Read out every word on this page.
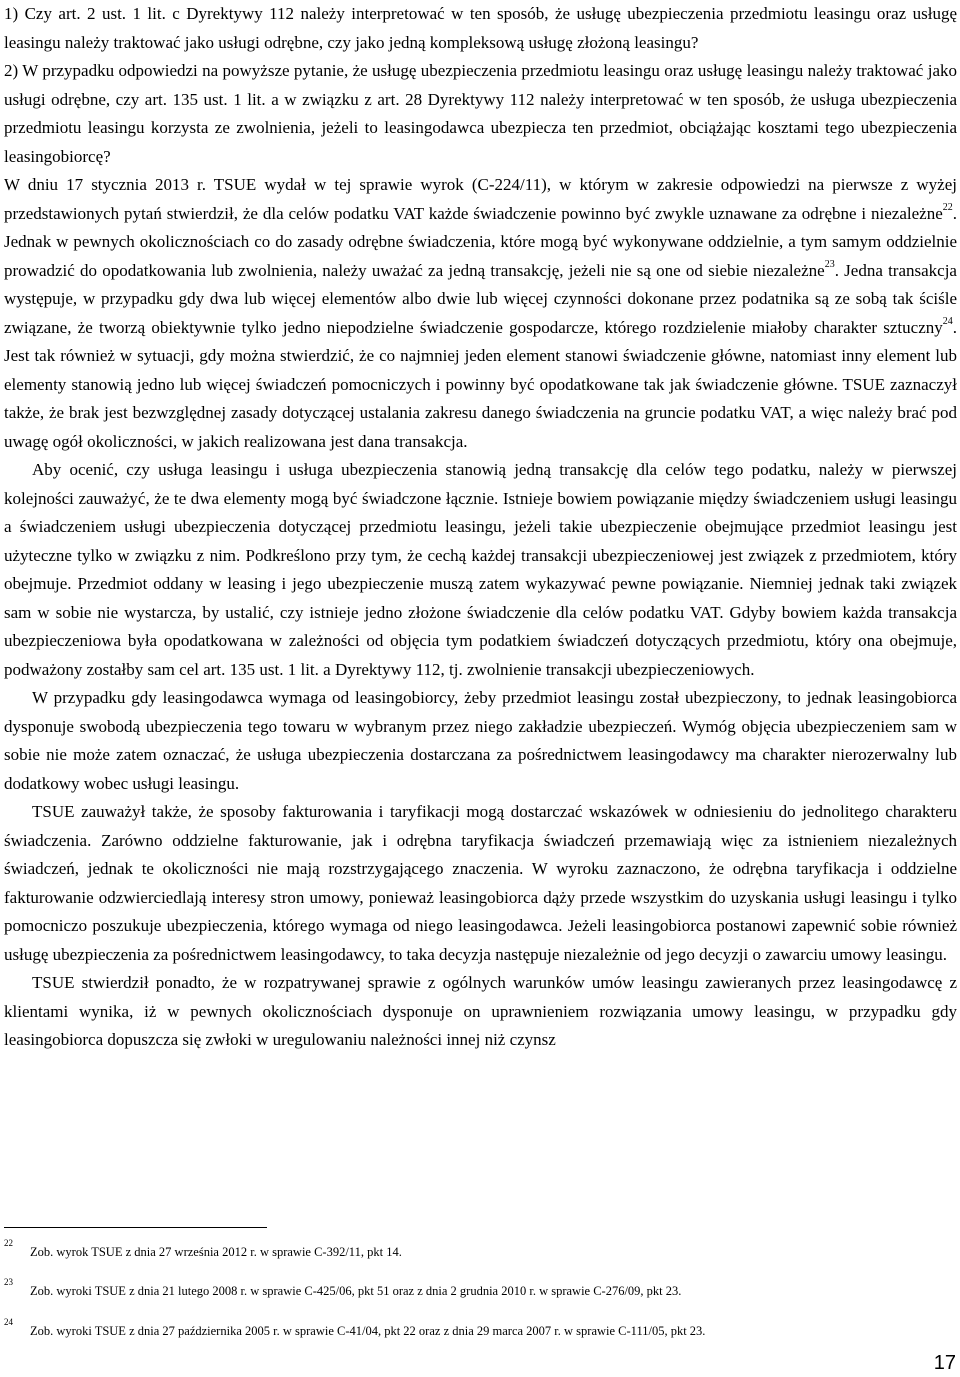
1) Czy art. 2 ust. 1 lit. c Dyrektywy 112 należy interpretować w ten sposób, że usługę ubezpieczenia przedmiotu leasingu oraz usługę leasingu należy traktować jako usługi odrębne, czy jako jedną kompleksową usługę złożoną leasingu?

2) W przypadku odpowiedzi na powyższe pytanie, że usługę ubezpieczenia przedmiotu leasingu oraz usługę leasingu należy traktować jako usługi odrębne, czy art. 135 ust. 1 lit. a w związku z art. 28 Dyrektywy 112 należy interpretować w ten sposób, że usługa ubezpieczenia przedmiotu leasingu korzysta ze zwolnienia, jeżeli to leasingodawca ubezpiecza ten przedmiot, obciążając kosztami tego ubezpieczenia leasingobiorcę?

W dniu 17 stycznia 2013 r. TSUE wydał w tej sprawie wyrok (C-224/11), w którym w zakresie odpowiedzi na pierwsze z wyżej przedstawionych pytań stwierdził, że dla celów podatku VAT każde świadczenie powinno być zwykle uznawane za odrębne i niezależne$^{22}$. Jednak w pewnych okolicznościach co do zasady odrębne świadczenia, które mogą być wykonywane oddzielnie, a tym samym oddzielnie prowadzić do opodatkowania lub zwolnienia, należy uważać za jedną transakcję, jeżeli nie są one od siebie niezależne$^{23}$. Jedna transakcja występuje, w przypadku gdy dwa lub więcej elementów albo dwie lub więcej czynności dokonane przez podatnika są ze sobą tak ściśle związane, że tworzą obiektywnie tylko jedno niepodzielne świadczenie gospodarcze, którego rozdzielenie miałoby charakter sztuczny$^{24}$. Jest tak również w sytuacji, gdy można stwierdzić, że co najmniej jeden element stanowi świadczenie główne, natomiast inny element lub elementy stanowią jedno lub więcej świadczeń pomocniczych i powinny być opodatkowane tak jak świadczenie główne. TSUE zaznaczył także, że brak jest bezwzględnej zasady dotyczącej ustalania zakresu danego świadczenia na gruncie podatku VAT, a więc należy brać pod uwagę ogół okoliczności, w jakich realizowana jest dana transakcja.

Aby ocenić, czy usługa leasingu i usługa ubezpieczenia stanowią jedną transakcję dla celów tego podatku, należy w pierwszej kolejności zauważyć, że te dwa elementy mogą być świadczone łącznie. Istnieje bowiem powiązanie między świadczeniem usługi leasingu a świadczeniem usługi ubezpieczenia dotyczącej przedmiotu leasingu, jeżeli takie ubezpieczenie obejmujące przedmiot leasingu jest użyteczne tylko w związku z nim. Podkreślono przy tym, że cechą każdej transakcji ubezpieczeniowej jest związek z przedmiotem, który obejmuje. Przedmiot oddany w leasing i jego ubezpieczenie muszą zatem wykazywać pewne powiązanie. Niemniej jednak taki związek sam w sobie nie wystarcza, by ustalić, czy istnieje jedno złożone świadczenie dla celów podatku VAT. Gdyby bowiem każda transakcja ubezpieczeniowa była opodatkowana w zależności od objęcia tym podatkiem świadczeń dotyczących przedmiotu, który ona obejmuje, podważony zostałby sam cel art. 135 ust. 1 lit. a Dyrektywy 112, tj. zwolnienie transakcji ubezpieczeniowych.

W przypadku gdy leasingodawca wymaga od leasingobiorcy, żeby przedmiot leasingu został ubezpieczony, to jednak leasingobiorca dysponuje swobodą ubezpieczenia tego towaru w wybranym przez niego zakładzie ubezpieczeń. Wymóg objęcia ubezpieczeniem sam w sobie nie może zatem oznaczać, że usługa ubezpieczenia dostarczana za pośrednictwem leasingodawcy ma charakter nierozerwalny lub dodatkowy wobec usługi leasingu.

TSUE zauważył także, że sposoby fakturowania i taryfikacji mogą dostarczać wskazówek w odniesieniu do jednolitego charakteru świadczenia. Zarówno oddzielne fakturowanie, jak i odrębna taryfikacja świadczeń przemawiają więc za istnieniem niezależnych świadczeń, jednak te okoliczności nie mają rozstrzygającego znaczenia. W wyroku zaznaczono, że odrębna taryfikacja i oddzielne fakturowanie odzwierciedlają interesy stron umowy, ponieważ leasingobiorca dąży przede wszystkim do uzyskania usługi leasingu i tylko pomocniczo poszukuje ubezpieczenia, którego wymaga od niego leasingodawca. Jeżeli leasingobiorca postanowi zapewnić sobie również usługę ubezpieczenia za pośrednictwem leasingodawcy, to taka decyzja następuje niezależnie od jego decyzji o zawarciu umowy leasingu.

TSUE stwierdził ponadto, że w rozpatrywanej sprawie z ogólnych warunków umów leasingu zawieranych przez leasingodawcę z klientami wynika, iż w pewnych okolicznościach dysponuje on uprawnieniem rozwiązania umowy leasingu, w przypadku gdy leasingobiorca dopuszcza się zwłoki w uregulowaniu należności innej niż czynsz

22
Zob. wyrok TSUE z dnia 27 września 2012 r. w sprawie C-392/11, pkt 14.
23
Zob. wyroki TSUE z dnia 21 lutego 2008 r. w sprawie C-425/06, pkt 51 oraz z dnia 2 grudnia 2010 r. w sprawie C-276/09, pkt 23.
24
Zob. wyroki TSUE z dnia 27 października 2005 r. w sprawie C-41/04, pkt 22 oraz z dnia 29 marca 2007 r. w sprawie C-111/05, pkt 23.
17
